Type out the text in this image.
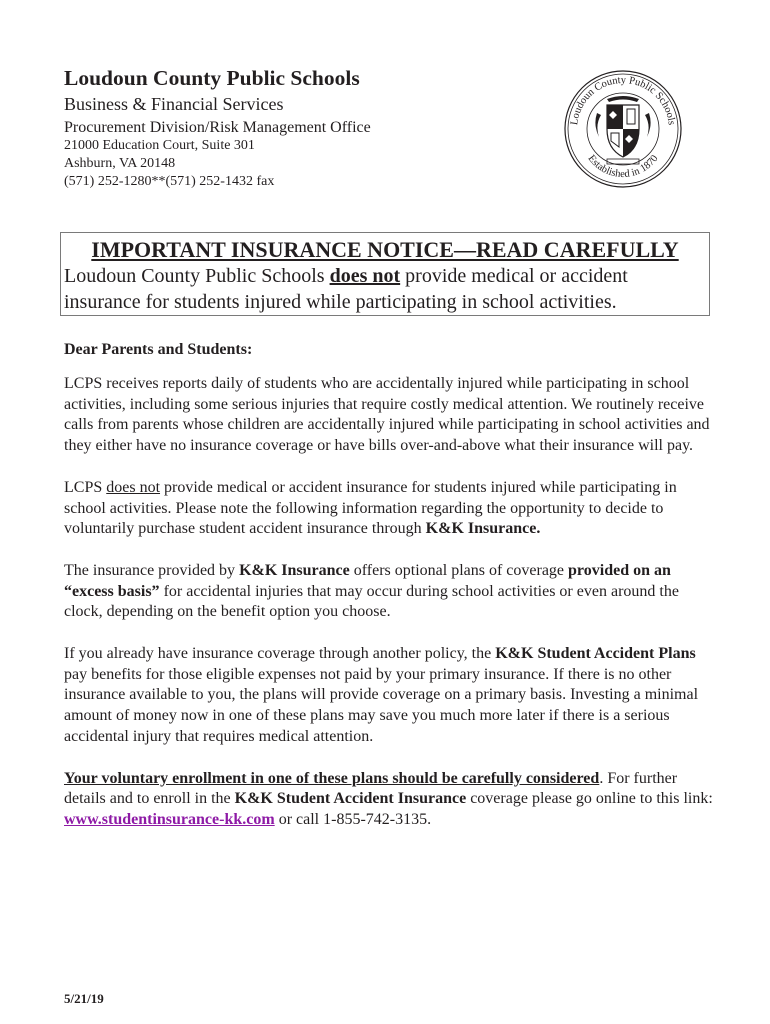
Loudoun County Public Schools
Business & Financial Services
Procurement Division/Risk Management Office
21000 Education Court, Suite 301
Ashburn, VA 20148
(571) 252-1280**(571) 252-1432 fax
Loudoun County Public Schools
Established in 1870
IMPORTANT INSURANCE NOTICE—READ CAREFULLY
Loudoun County Public Schools does not provide medical or accident
insurance for students injured while participating in school activities.

Dear Parents and Students:

LCPS receives reports daily of students who are accidentally injured while participating in school activities, including some serious injuries that require costly medical attention. We routinely receive calls from parents whose children are accidentally injured while participating in school activities and they either have no insurance coverage or have bills over-and-above what their insurance will pay.

LCPS does not provide medical or accident insurance for students injured while participating in school activities. Please note the following information regarding the opportunity to decide to voluntarily purchase student accident insurance through K&K Insurance.

The insurance provided by K&K Insurance offers optional plans of coverage provided on an “excess basis” for accidental injuries that may occur during school activities or even around the clock, depending on the benefit option you choose.

If you already have insurance coverage through another policy, the K&K Student Accident Plans pay benefits for those eligible expenses not paid by your primary insurance. If there is no other insurance available to you, the plans will provide coverage on a primary basis. Investing a minimal amount of money now in one of these plans may save you much more later if there is a serious accidental injury that requires medical attention.

Your voluntary enrollment in one of these plans should be carefully considered. For further details and to enroll in the K&K Student Accident Insurance coverage please go online to this link: www.studentinsurance-kk.com or call 1-855-742-3135.

5/21/19
